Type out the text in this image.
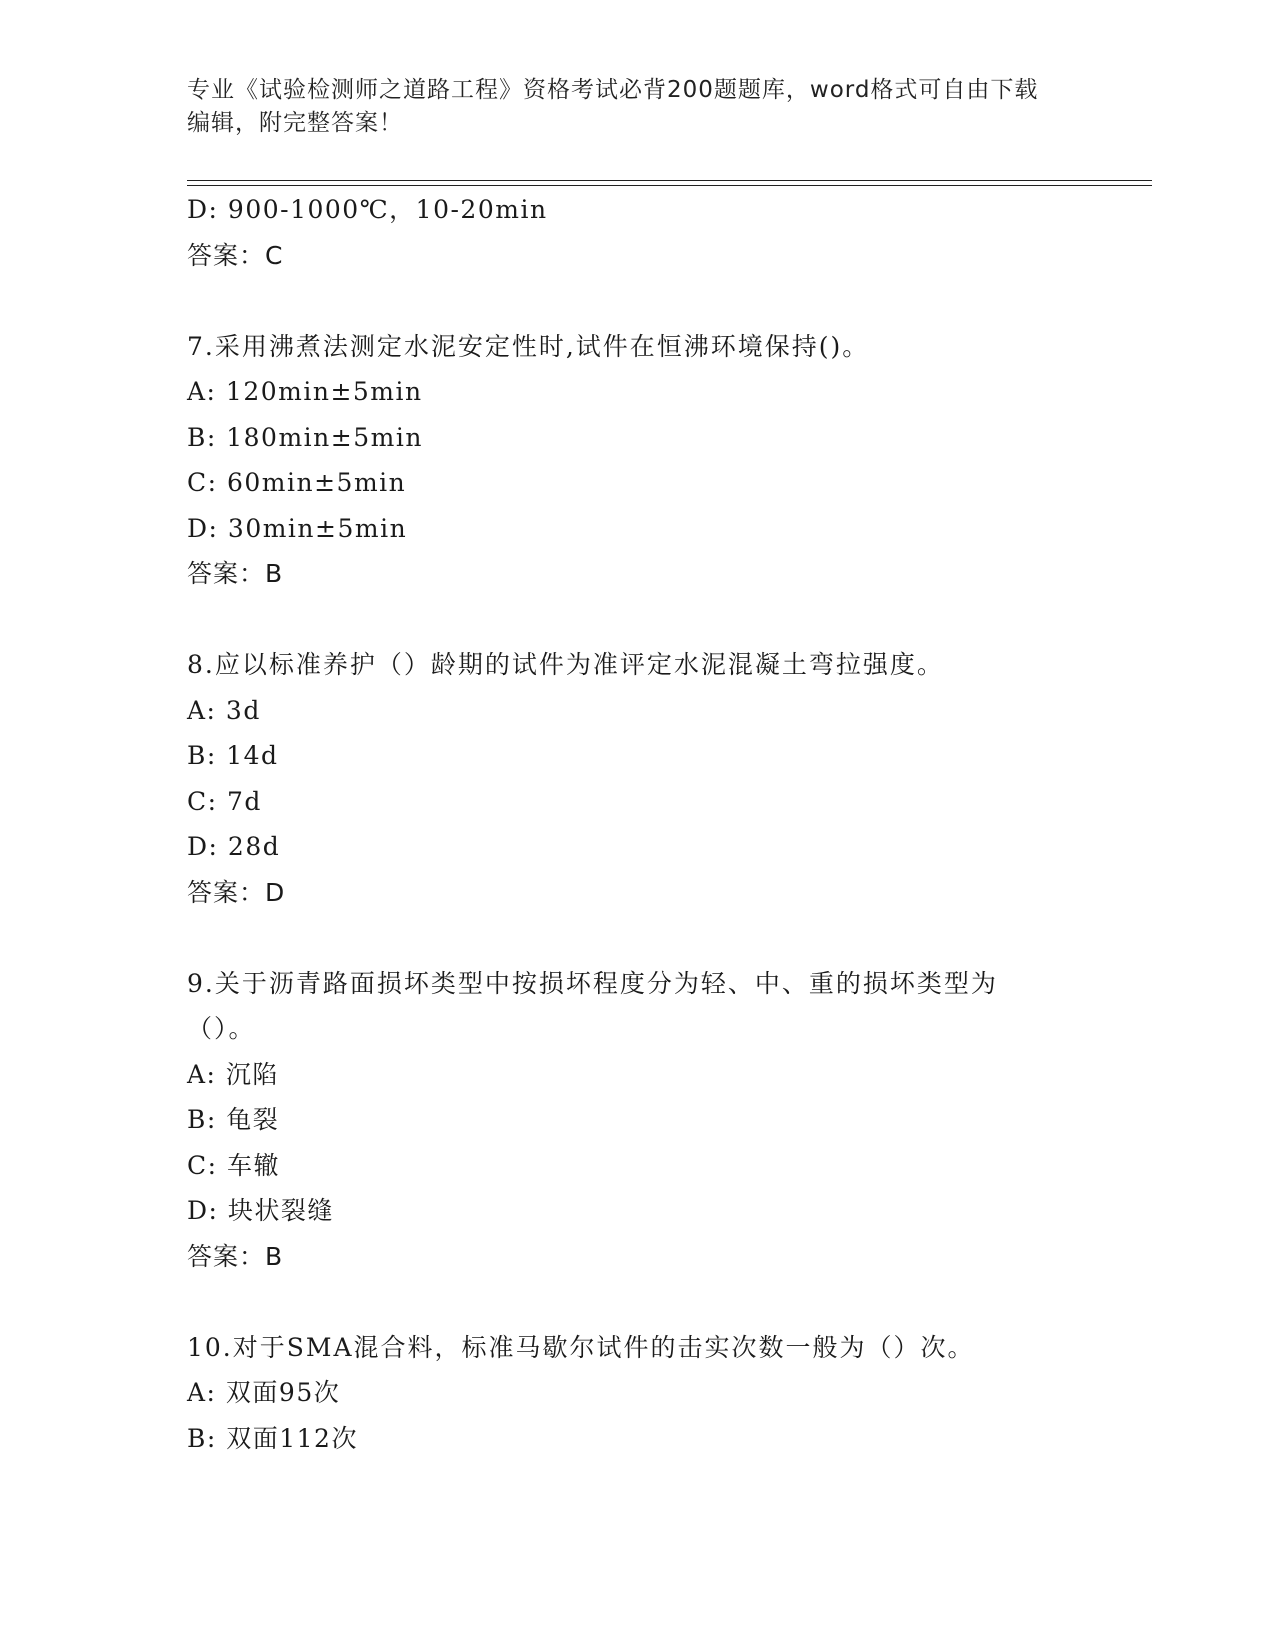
专业《试验检测师之道路工程》资格考试必背200题题库，word格式可自由下载
编辑，附完整答案！
D: 900-1000℃，10-20min
答案：C
7.采用沸煮法测定水泥安定性时,试件在恒沸环境保持()。
A: 120min±5min
B: 180min±5min
C: 60min±5min
D: 30min±5min
答案：B
8.应以标准养护（）龄期的试件为准评定水泥混凝土弯拉强度。
A: 3d
B: 14d
C: 7d
D: 28d
答案：D
9.关于沥青路面损坏类型中按损坏程度分为轻、中、重的损坏类型为（）。
A: 沉陷
B: 龟裂
C: 车辙
D: 块状裂缝
答案：B
10.对于SMA混合料，标准马歇尔试件的击实次数一般为（）次。
A: 双面95次
B: 双面112次
